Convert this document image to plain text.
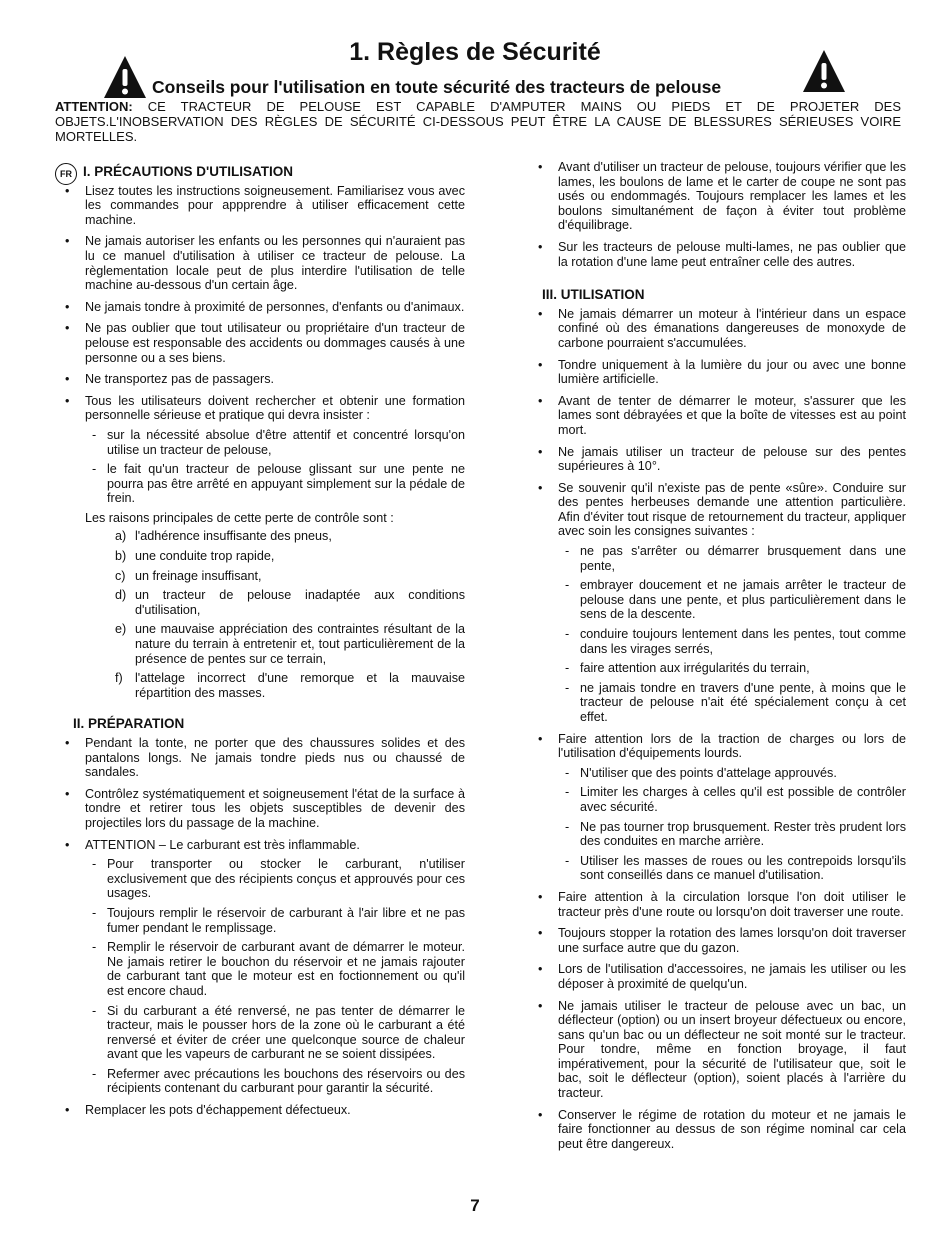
1. Règles de Sécurité
Conseils pour l'utilisation en toute sécurité des tracteurs de pelouse

ATTENTION: CE TRACTEUR DE PELOUSE EST CAPABLE D'AMPUTER MAINS OU PIEDS ET DE PROJETER DES OBJETS.L'INOBSERVATION DES RÈGLES DE SÉCURITÉ CI-DESSOUS PEUT ÊTRE LA CAUSE DE BLESSURES SÉRIEUSES VOIRE MORTELLES.

FR I. PRÉCAUTIONS D'UTILISATION
• Lisez toutes les instructions soigneusement. Familiarisez vous avec les commandes pour appprendre à utiliser efficacement cette machine.
• Ne jamais autoriser les enfants ou les personnes qui n'auraient pas lu ce manuel d'utilisation à utiliser ce tracteur de pelouse. La règlementation locale peut de plus interdire l'utilisation de telle machine au-dessous d'un certain âge.
• Ne jamais tondre à proximité de personnes, d'enfants ou d'animaux.
• Ne pas oublier que tout utilisateur ou propriétaire d'un tracteur de pelouse est responsable des accidents ou dommages causés à une personne ou a ses biens.
• Ne transportez pas de passagers.
• Tous les utilisateurs doivent rechercher et obtenir une formation personnelle sérieuse et pratique qui devra insister :
- sur la nécessité absolue d'être attentif et concentré lorsqu'on utilise un tracteur de pelouse,
- le fait qu'un tracteur de pelouse glissant sur une pente ne pourra pas être arrêté en appuyant simplement sur la pédale de frein.

Les raisons principales de cette perte de contrôle sont :

a) l'adhérence insuffisante des pneus,
b) une conduite trop rapide,
c) un freinage insuffisant,
d) un tracteur de pelouse inadaptée aux conditions d'utilisation,
e) une mauvaise appréciation des contraintes résultant de la nature du terrain à entretenir et, tout particulièrement de la présence de pentes sur ce terrain,
f) l'attelage incorrect d'une remorque et la mauvaise répartition des masses.
II. PRÉPARATION
• Pendant la tonte, ne porter que des chaussures solides et des pantalons longs. Ne jamais tondre pieds nus ou chaussé de sandales.
• Contrôlez systématiquement et soigneusement l'état de la surface à tondre et retirer tous les objets susceptibles de devenir des projectiles lors du passage de la machine.
• ATTENTION – Le carburant est très inflammable.
- Pour transporter ou stocker le carburant, n'utiliser exclusivement que des récipients conçus et approuvés pour ces usages.
- Toujours remplir le réservoir de carburant à l'air libre et ne pas fumer pendant le remplissage.
- Remplir le réservoir de carburant avant de démarrer le moteur. Ne jamais retirer le bouchon du réservoir et ne jamais rajouter de carburant tant que le moteur est en foctionnement ou qu'il est encore chaud.
- Si du carburant a été renversé, ne pas tenter de démarrer le tracteur, mais le pousser hors de la zone où le carburant a été renversé et éviter de créer une quelconque source de chaleur avant que les vapeurs de carburant ne se soient dissipées.
- Refermer avec précautions les bouchons des réservoirs ou des récipients contenant du carburant pour garantir la sécurité.
• Remplacer les pots d'échappement défectueux.
• Avant d'utiliser un tracteur de pelouse, toujours vérifier que les lames, les boulons de lame et le carter de coupe ne sont pas usés ou endommagés. Toujours remplacer les lames et les boulons simultanément de façon à éviter tout problème d'équilibrage.
• Sur les tracteurs de pelouse multi-lames, ne pas oublier que la rotation d'une lame peut entraîner celle des autres.
III. UTILISATION
• Ne jamais démarrer un moteur à l'intérieur dans un espace confiné où des émanations dangereuses de monoxyde de carbone pourraient s'accumulées.
• Tondre uniquement à la lumière du jour ou avec une bonne lumière artificielle.
• Avant de tenter de démarrer le moteur, s'assurer que les lames sont débrayées et que la boîte de vitesses est au point mort.
• Ne jamais utiliser un tracteur de pelouse sur des pentes supérieures à 10°.
• Se souvenir qu'il n'existe pas de pente «sûre». Conduire sur des pentes herbeuses demande une attention particulière. Afin d'éviter tout risque de retournement du tracteur, appliquer avec soin les consignes suivantes :
- ne pas s'arrêter ou démarrer brusquement dans une pente,
- embrayer doucement et ne jamais arrêter le tracteur de pelouse dans une pente, et plus particulièrement dans le sens de la descente.
- conduire toujours lentement dans les pentes, tout comme dans les virages serrés,
- faire attention aux irrégularités du terrain,
- ne jamais tondre en travers d'une pente, à moins que le tracteur de pelouse n'ait été spécialement conçu à cet effet.
• Faire attention lors de la traction de charges ou lors de l'utilisation d'équipements lourds.
- N'utiliser que des points d'attelage approuvés.
- Limiter les charges à celles qu'il est possible de contrôler avec sécurité.
- Ne pas tourner trop brusquement. Rester très prudent lors des conduites en marche arrière.
- Utiliser les masses de roues ou les contrepoids lorsqu'ils sont conseillés dans ce manuel d'utilisation.
• Faire attention à la circulation lorsque l'on doit utiliser le tracteur près d'une route ou lorsqu'on doit traverser une route.
• Toujours stopper la rotation des lames lorsqu'on doit traverser une surface autre que du gazon.
• Lors de l'utilisation d'accessoires, ne jamais les utiliser ou les déposer à proximité de quelqu'un.
• Ne jamais utiliser le tracteur de pelouse avec un bac, un déflecteur (option) ou un insert broyeur défectueux ou encore, sans qu'un bac ou un déflecteur ne soit monté sur le tracteur. Pour tondre, même en fonction broyage, il faut impérativement, pour la sécurité de l'utilisateur que, soit le bac, soit le déflecteur (option), soient placés à l'arrière du tracteur.
• Conserver le régime de rotation du moteur et ne jamais le faire fonctionner au dessus de son régime nominal car cela peut être dangereux.
7
